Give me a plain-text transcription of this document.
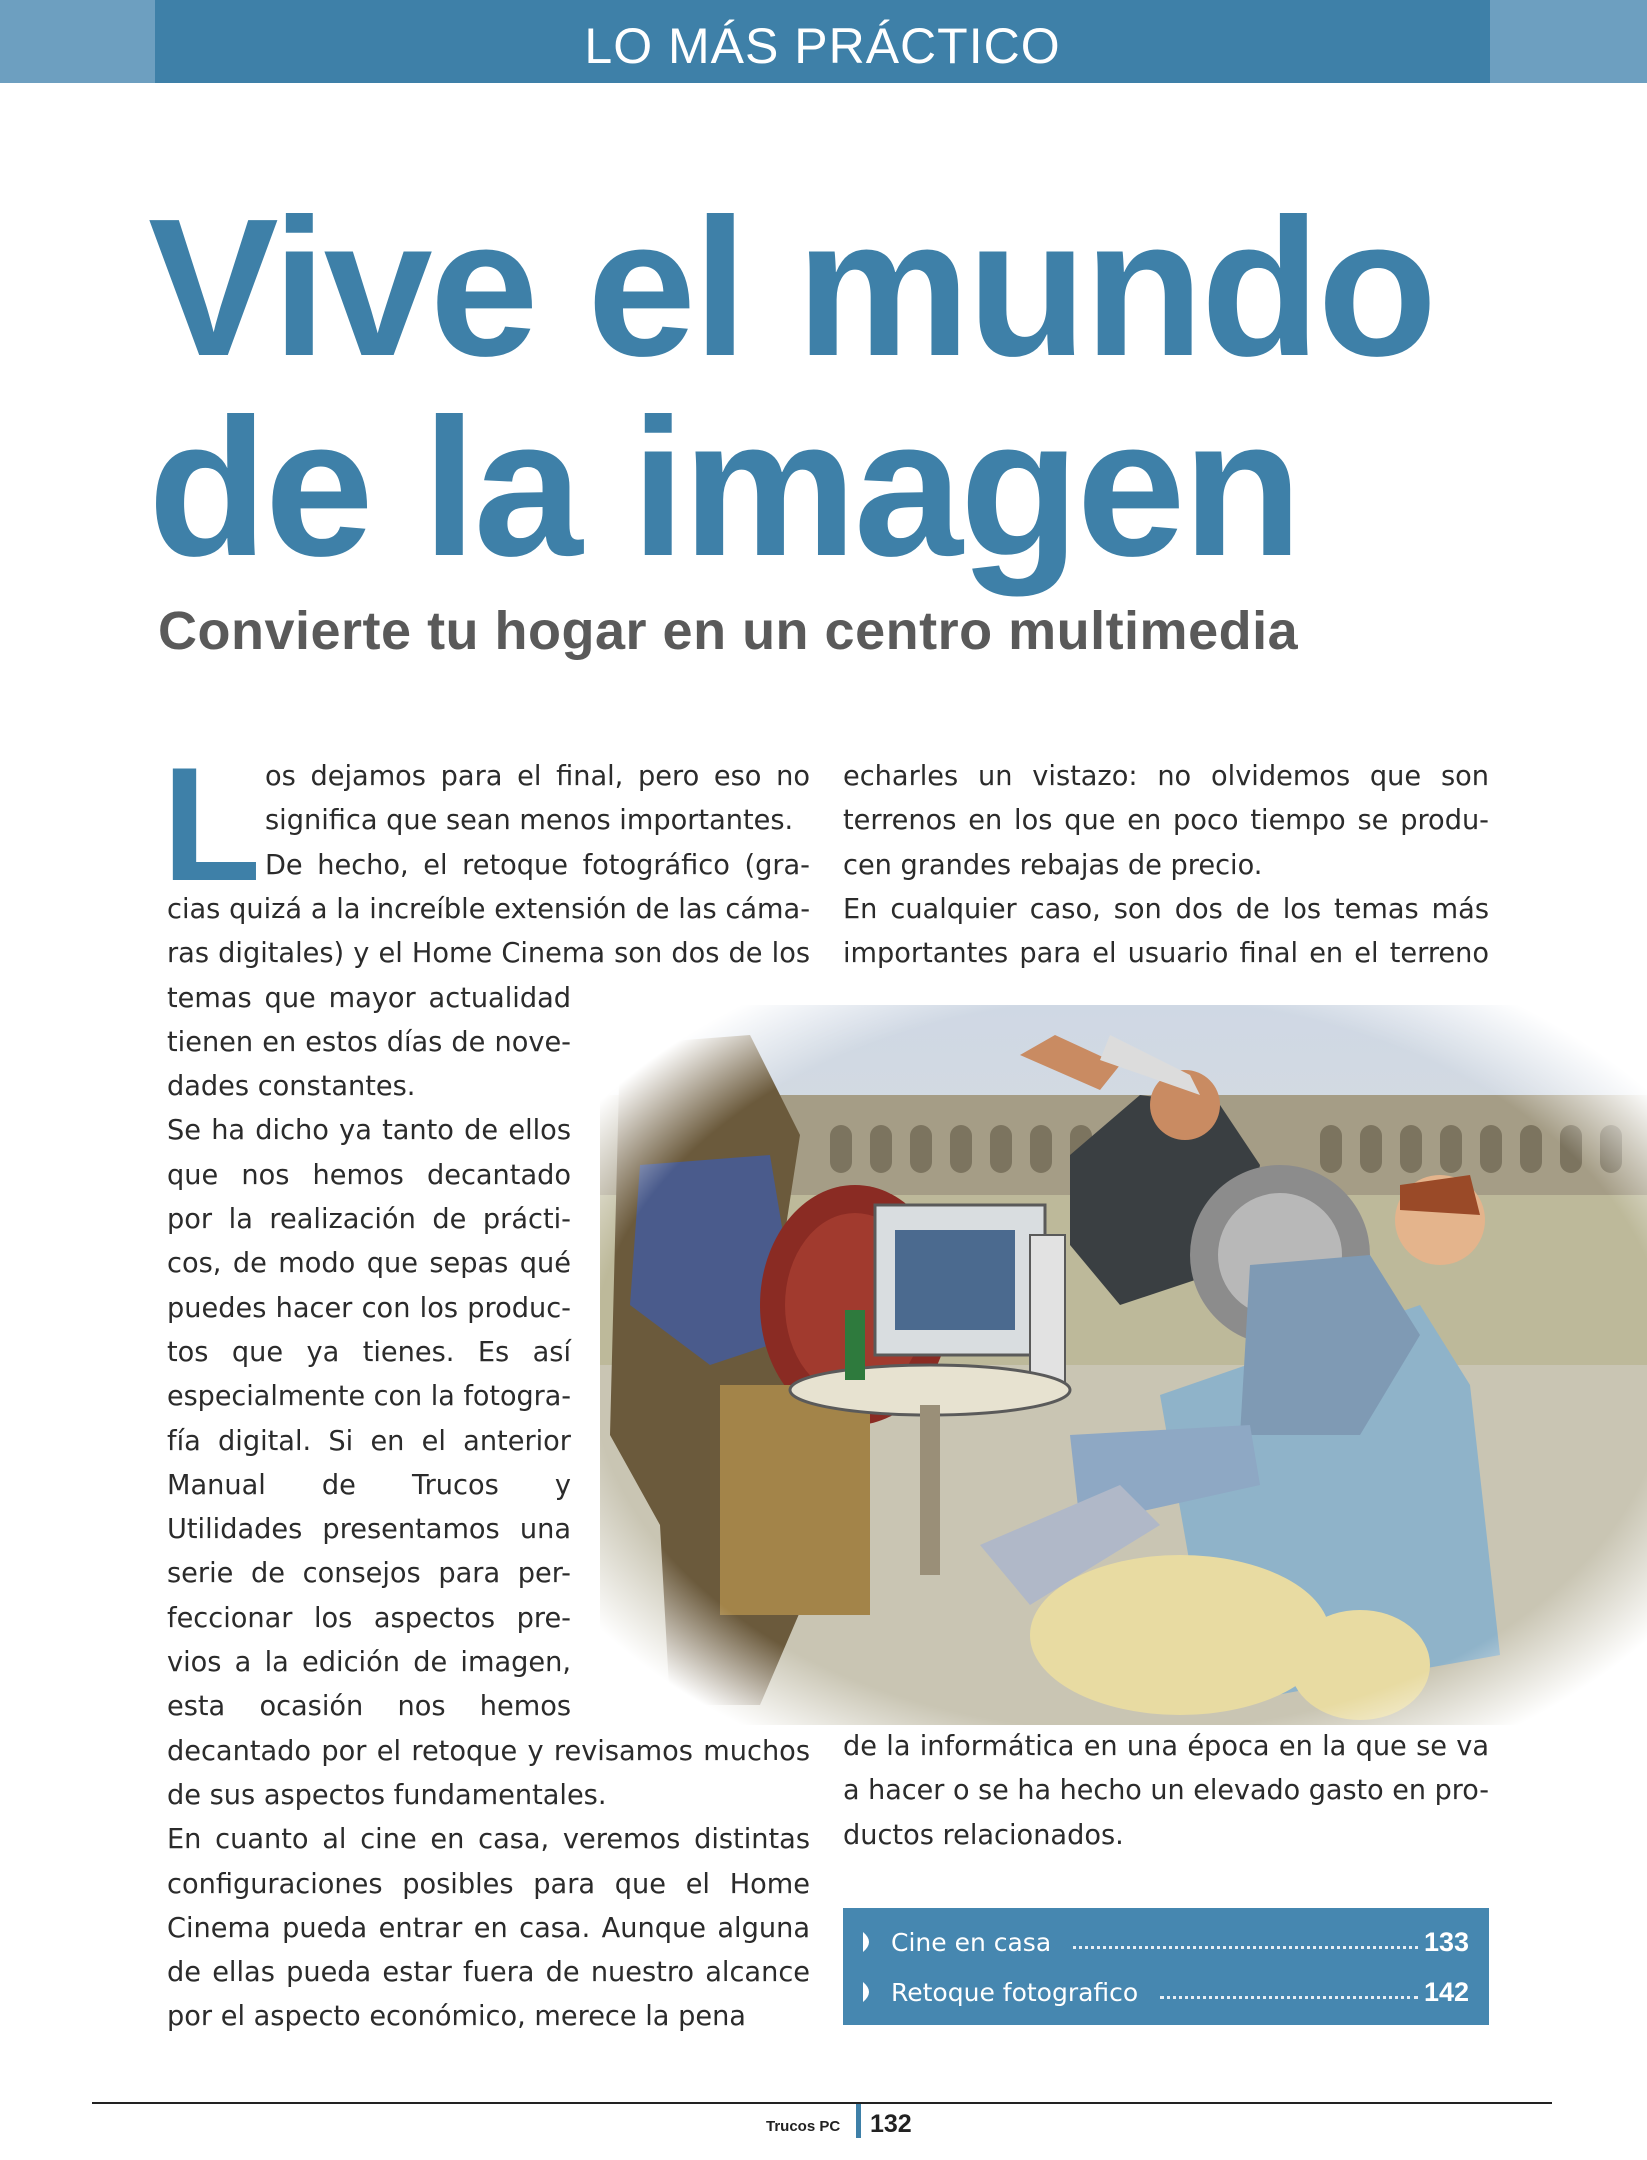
LO MÁS PRÁCTICO
Vive el mundo
de la imagen
Convierte tu hogar en un centro multimedia
L os dejamos para el final, pero eso no
significa que sean menos importantes.
De hecho, el retoque fotográfico (gra-
cias quizá a la increíble extensión de las cáma-
ras digitales) y el Home Cinema son dos de los
temas que mayor actualidad
tienen en estos días de nove-
dades constantes.
Se ha dicho ya tanto de ellos
que nos hemos decantado
por la realización de prácti-
cos, de modo que sepas qué
puedes hacer con los produc-
tos que ya tienes. Es así
especialmente con la fotogra-
fía digital. Si en el anterior
Manual de Trucos y
Utilidades presentamos una
serie de consejos para per-
feccionar los aspectos pre-
vios a la edición de imagen,
esta ocasión nos hemos
decantado por el retoque y revisamos muchos
de sus aspectos fundamentales.
En cuanto al cine en casa, veremos distintas
configuraciones posibles para que el Home
Cinema pueda entrar en casa. Aunque alguna
de ellas pueda estar fuera de nuestro alcance
por el aspecto económico, merece la pena
echarles un vistazo: no olvidemos que son
terrenos en los que en poco tiempo se produ-
cen grandes rebajas de precio.
En cualquier caso, son dos de los temas más
importantes para el usuario final en el terreno
de la informática en una época en la que se va
a hacer o se ha hecho un elevado gasto en pro-
ductos relacionados.
Cine en casa	133
Retoque fotografico	142
Trucos PC 132
